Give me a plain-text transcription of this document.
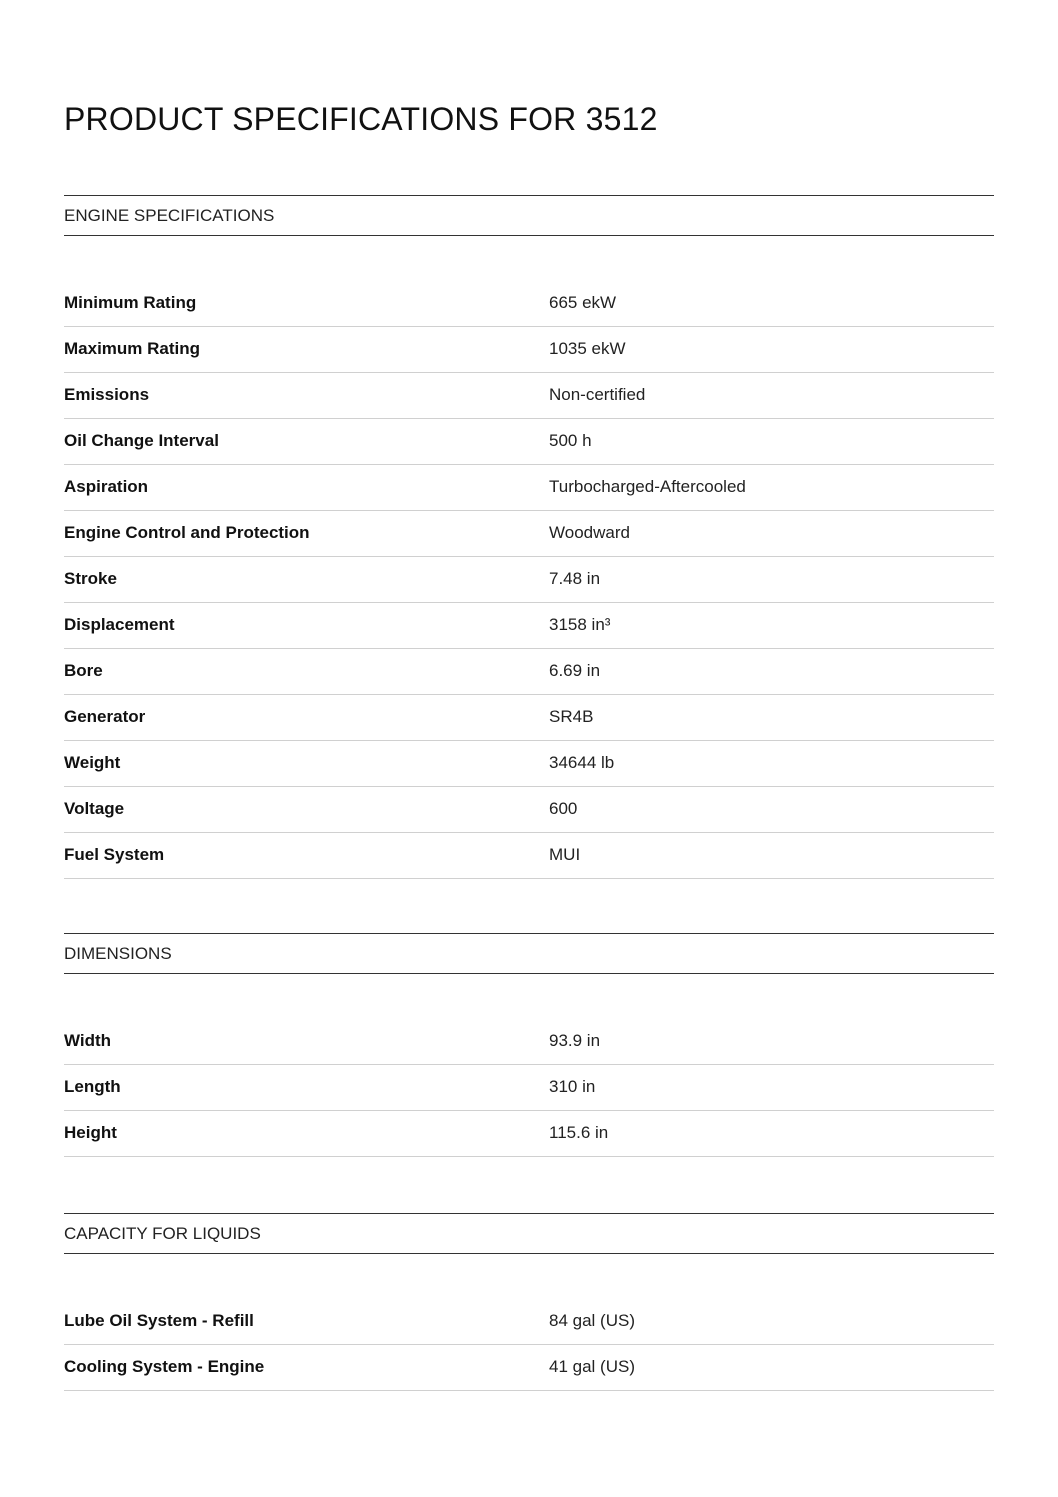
PRODUCT SPECIFICATIONS FOR 3512
ENGINE SPECIFICATIONS
Minimum Rating	665 ekW
Maximum Rating	1035 ekW
Emissions	Non-certified
Oil Change Interval	500 h
Aspiration	Turbocharged-Aftercooled
Engine Control and Protection	Woodward
Stroke	7.48 in
Displacement	3158 in³
Bore	6.69 in
Generator	SR4B
Weight	34644 lb
Voltage	600
Fuel System	MUI
DIMENSIONS
Width	93.9 in
Length	310 in
Height	115.6 in
CAPACITY FOR LIQUIDS
Lube Oil System - Refill	84 gal (US)
Cooling System - Engine	41 gal (US)
